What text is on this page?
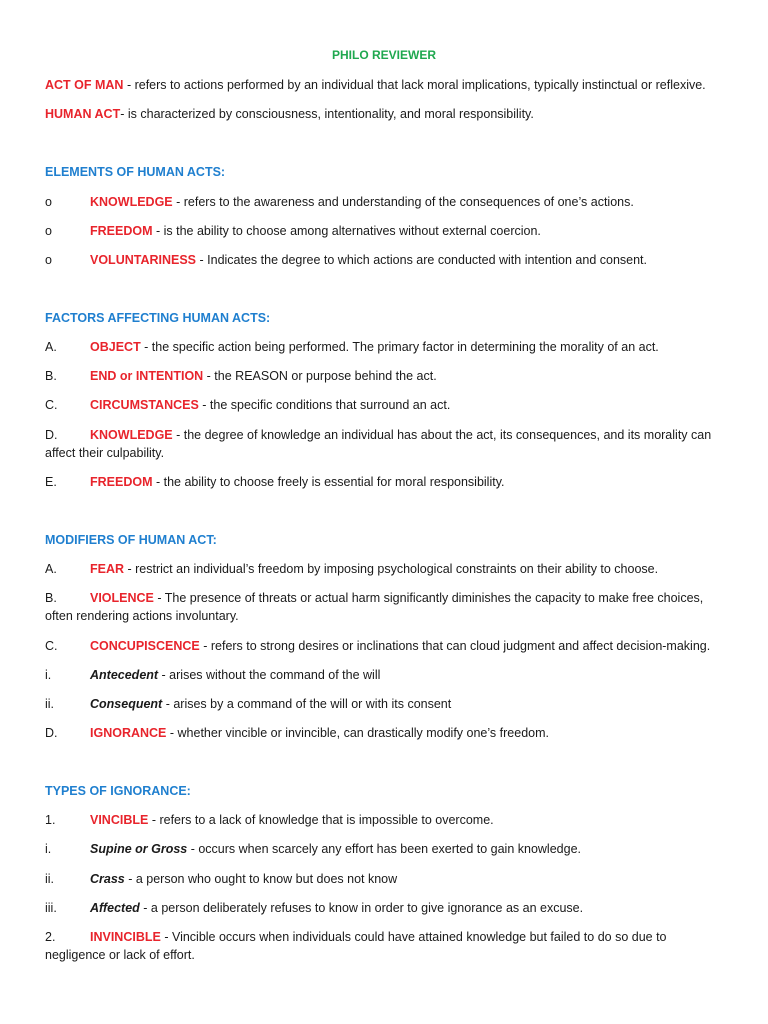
PHILO REVIEWER
ACT OF MAN - refers to actions performed by an individual that lack moral implications, typically instinctual or reflexive.
HUMAN ACT- is characterized by consciousness, intentionality, and moral responsibility.
ELEMENTS OF HUMAN ACTS:
o	KNOWLEDGE - refers to the awareness and understanding of the consequences of one’s actions.
o	FREEDOM - is the ability to choose among alternatives without external coercion.
o	VOLUNTARINESS - Indicates the degree to which actions are conducted with intention and consent.
FACTORS AFFECTING HUMAN ACTS:
A.	OBJECT - the specific action being performed. The primary factor in determining the morality of an act.
B.	END or INTENTION - the REASON or purpose behind the act.
C.	CIRCUMSTANCES - the specific conditions that surround an act.
D.	KNOWLEDGE - the degree of knowledge an individual has about the act, its consequences, and its morality can affect their culpability.
E.	FREEDOM - the ability to choose freely is essential for moral responsibility.
MODIFIERS OF HUMAN ACT:
A.	FEAR - restrict an individual’s freedom by imposing psychological constraints on their ability to choose.
B.	VIOLENCE - The presence of threats or actual harm significantly diminishes the capacity to make free choices, often rendering actions involuntary.
C.	CONCUPISCENCE - refers to strong desires or inclinations that can cloud judgment and affect decision-making.
i.	Antecedent - arises without the command of the will
ii.	Consequent - arises by a command of the will or with its consent
D.	IGNORANCE - whether vincible or invincible, can drastically modify one’s freedom.
TYPES OF IGNORANCE:
1.	VINCIBLE - refers to a lack of knowledge that is impossible to overcome.
i.	Supine or Gross - occurs when scarcely any effort has been exerted to gain knowledge.
ii.	Crass - a person who ought to know but does not know
iii.	Affected - a person deliberately refuses to know in order to give ignorance as an excuse.
2.	INVINCIBLE - Vincible occurs when individuals could have attained knowledge but failed to do so due to negligence or lack of effort.
